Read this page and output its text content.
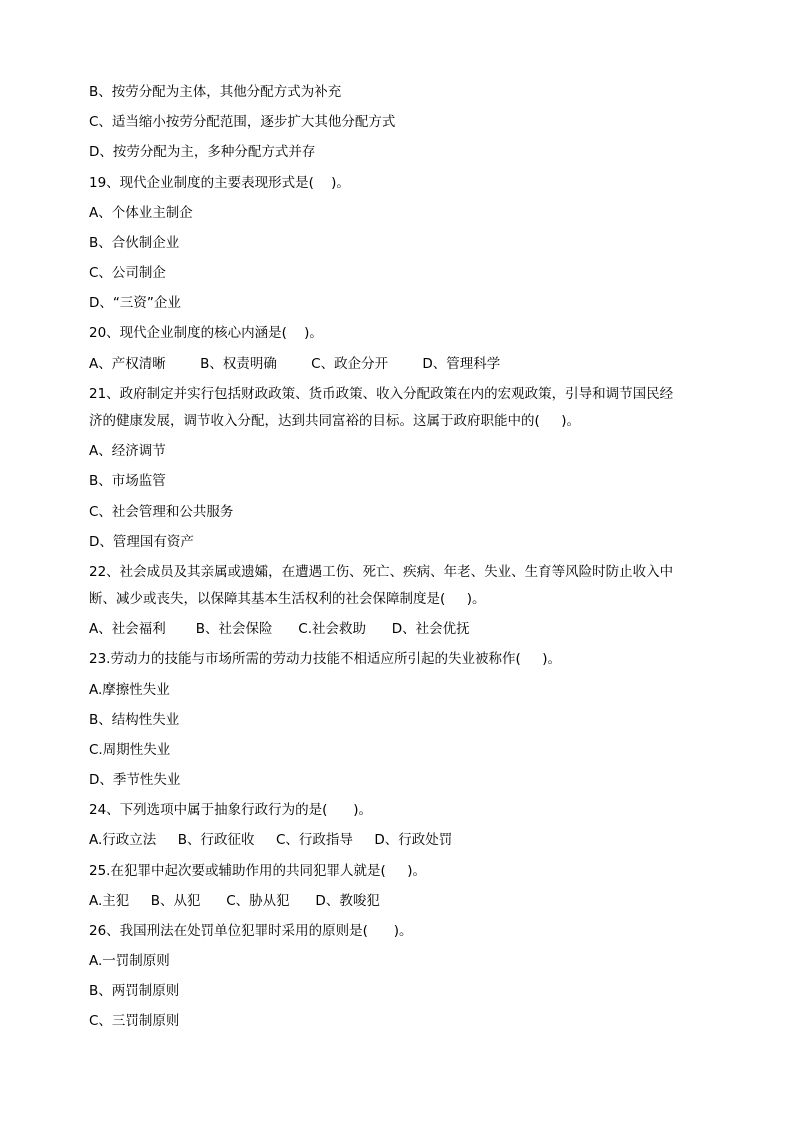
B、按劳分配为主体，其他分配方式为补充
C、适当缩小按劳分配范围，逐步扩大其他分配方式
D、按劳分配为主，多种分配方式并存
19、现代企业制度的主要表现形式是(    )。
A、个体业主制企
B、合伙制企业
C、公司制企
D、“三资”企业
20、现代企业制度的核心内涵是(    )。
A、产权清晰        B、权责明确        C、政企分开        D、管理科学
21、政府制定并实行包括财政政策、货币政策、收入分配政策在内的宏观政策，引导和调节国民经
济的健康发展，调节收入分配，达到共同富裕的目标。这属于政府职能中的(     )。
A、经济调节
B、市场监管
C、社会管理和公共服务
D、管理国有资产
22、社会成员及其亲属或遗孀，在遭遇工伤、死亡、疾病、年老、失业、生育等风险时防止收入中
断、减少或丧失，以保障其基本生活权利的社会保障制度是(     )。
A、社会福利       B、社会保险      C.社会救助      D、社会优抚
23.劳动力的技能与市场所需的劳动力技能不相适应所引起的失业被称作(     )。
A.摩擦性失业
B、结构性失业
C.周期性失业
D、季节性失业
24、下列选项中属于抽象行政行为的是(      )。
A.行政立法     B、行政征收     C、行政指导     D、行政处罚
25.在犯罪中起次要或辅助作用的共同犯罪人就是(     )。
A.主犯     B、从犯      C、胁从犯      D、教唆犯
26、我国刑法在处罚单位犯罪时采用的原则是(      )。
A.一罚制原则
B、两罚制原则
C、三罚制原则
